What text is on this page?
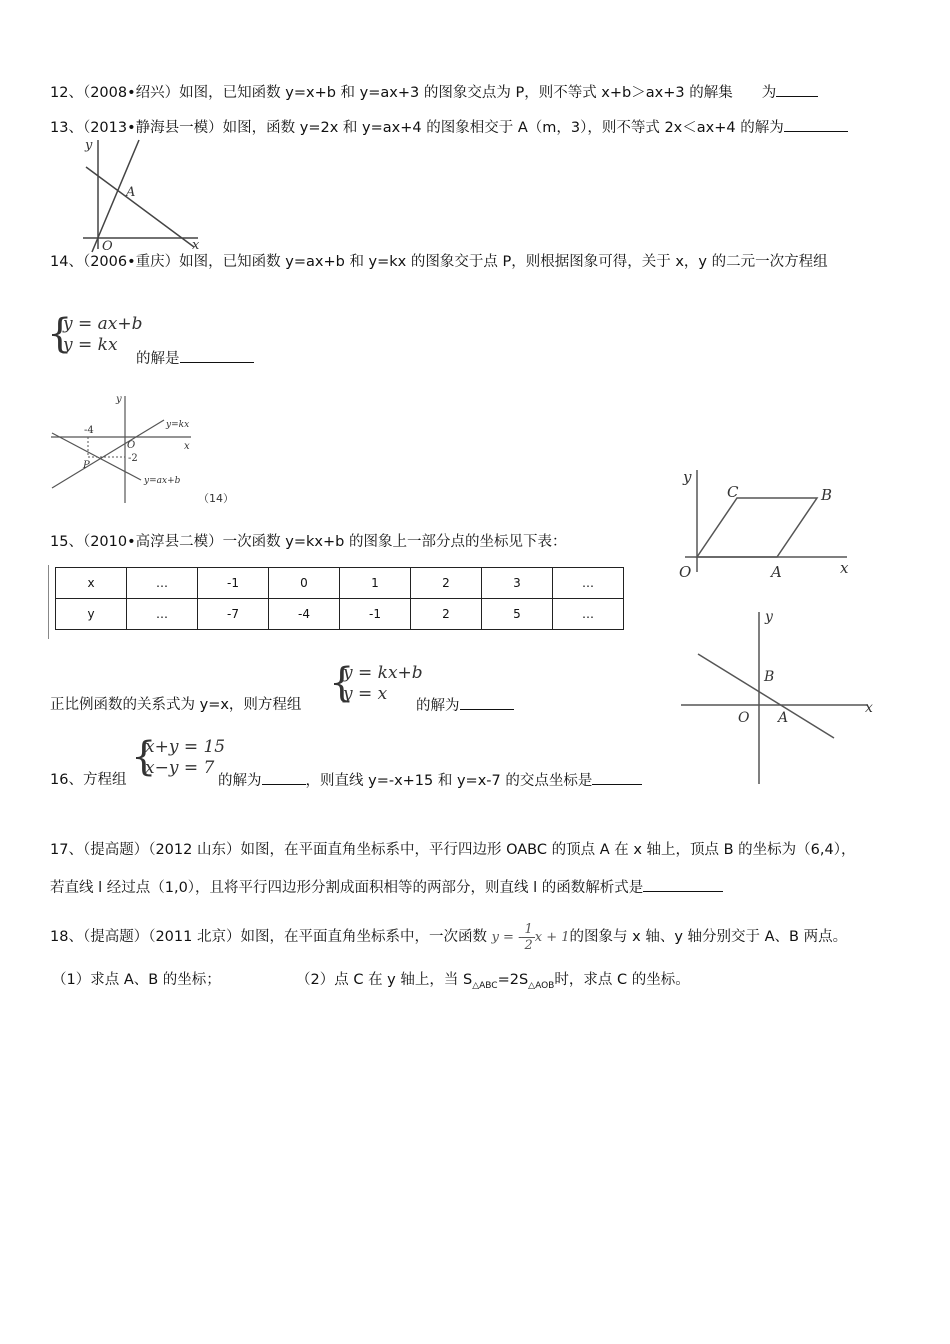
12、（2008•绍兴）如图，已知函数 y=x+b 和 y=ax+3 的图象交点为 P，则不等式 x+b＞ax+3 的解集　　为
13、（2013•静海县一模）如图，函数 y=2x 和 y=ax+4 的图象相交于 A（m，3），则不等式 2x＜ax+4 的解为
y
x
O
A
14、（2006•重庆）如图，已知函数 y=ax+b 和 y=kx 的图象交于点 P，则根据图象可得，关于 x，y 的二元一次方程组
{
y = ax+b
y = kx
的解是
y
x
O
-4
-2
P
y=kx
y=ax+b
（14）
y
x
O	A
B
C
15、（2010•高淳县二模）一次函数 y=kx+b 的图象上一部分点的坐标见下表：
x	…	-1	0	1	2	3	…
y	…	-7	-4	-1	2	5	…
{
y = kx+b
y = x
正比例函数的关系式为 y=x，则方程组	的解为
y
x
O A
B
{
x+y = 15
x−y = 7
16、方程组	的解为	，则直线 y=-x+15 和 y=x-7 的交点坐标是
17、（提高题）（2012 山东）如图，在平面直角坐标系中，平行四边形 OABC 的顶点 A 在 x 轴上，顶点 B 的坐标为（6,4），
若直线 l 经过点（1,0），且将平行四边形分割成面积相等的两部分，则直线 l 的函数解析式是
18、（提高题）（2011 北京）如图，在平面直角坐标系中，一次函数 y = - $\frac{1}{2}$ x + 1的图象与 x 轴、y 轴分别交于 A、B 两点。
（1）求点 A、B 的坐标；	（2）点 C 在 y 轴上，当 $S_{\triangle ABC}=2S_{\triangle AOB}$时，求点 C 的坐标。
